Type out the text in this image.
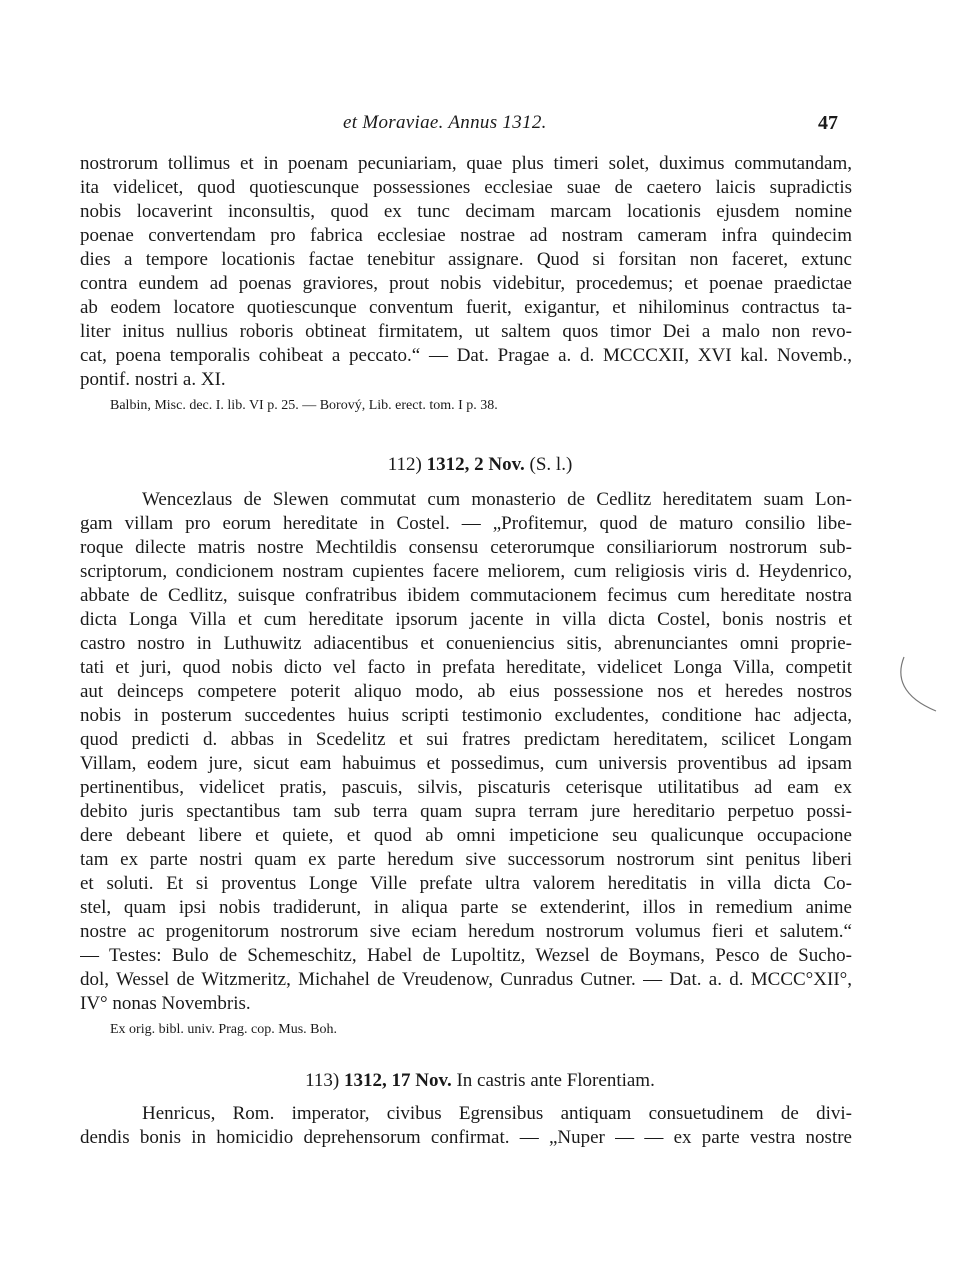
et Moraviae. Annus 1312.	47
nostrorum tollimus et in poenam pecuniariam, quae plus timeri solet, duximus commutandam,
ita videlicet, quod quotiescunque possessiones ecclesiae suae de caetero laicis supradictis
nobis locaverint inconsultis, quod ex tunc decimam marcam locationis ejusdem nomine
poenae convertendam pro fabrica ecclesiae nostrae ad nostram cameram infra quindecim
dies a tempore locationis factae tenebitur assignare. Quod si forsitan non faceret, extunc
contra eundem ad poenas graviores, prout nobis videbitur, procedemus; et poenae praedictae
ab eodem locatore quotiescunque conventum fuerit, exigantur, et nihilominus contractus ta-
liter initus nullius roboris obtineat firmitatem, ut saltem quos timor Dei a malo non revo-
cat, poena temporalis cohibeat a peccato.“ — Dat. Pragae a. d. MCCCXII, XVI kal. Novemb.,
pontif. nostri a. XI.
Balbin, Misc. dec. I. lib. VI p. 25. — Borový, Lib. erect. tom. I p. 38.
112) 1312, 2 Nov. (S. l.)
Wencezlaus de Slewen commutat cum monasterio de Cedlitz hereditatem suam Lon-
gam villam pro eorum hereditate in Costel. — „Profitemur, quod de maturo consilio libe-
roque dilecte matris nostre Mechtildis consensu ceterorumque consiliariorum nostrorum sub-
scriptorum, condicionem nostram cupientes facere meliorem, cum religiosis viris d. Heydenrico,
abbate de Cedlitz, suisque confratribus ibidem commutacionem fecimus cum hereditate nostra
dicta Longa Villa et cum hereditate ipsorum jacente in villa dicta Costel, bonis nostris et
castro nostro in Luthuwitz adiacentibus et conueniencius sitis, abrenunciantes omni proprie-
tati et juri, quod nobis dicto vel facto in prefata hereditate, videlicet Longa Villa, competit
aut deinceps competere poterit aliquo modo, ab eius possessione nos et heredes nostros
nobis in posterum succedentes huius scripti testimonio excludentes, conditione hac adjecta,
quod predicti d. abbas in Scedelitz et sui fratres predictam hereditatem, scilicet Longam
Villam, eodem jure, sicut eam habuimus et possedimus, cum universis proventibus ad ipsam
pertinentibus, videlicet pratis, pascuis, silvis, piscaturis ceterisque utilitatibus ad eam ex
debito juris spectantibus tam sub terra quam supra terram jure hereditario perpetuo possi-
dere debeant libere et quiete, et quod ab omni impeticione seu qualicunque occupacione
tam ex parte nostri quam ex parte heredum sive successorum nostrorum sint penitus liberi
et soluti. Et si proventus Longe Ville prefate ultra valorem hereditatis in villa dicta Co-
stel, quam ipsi nobis tradiderunt, in aliqua parte se extenderint, illos in remedium anime
nostre ac progenitorum nostrorum sive eciam heredum nostrorum volumus fieri et salutem.“
— Testes: Bulo de Schemeschitz, Habel de Lupoltitz, Wezsel de Boymans, Pesco de Sucho-
dol, Wessel de Witzmeritz, Michahel de Vreudenow, Cunradus Cutner. — Dat. a. d. MCCC°XII°,
IV° nonas Novembris.
Ex orig. bibl. univ. Prag. cop. Mus. Boh.
113) 1312, 17 Nov. In castris ante Florentiam.
Henricus, Rom. imperator, civibus Egrensibus antiquam consuetudinem de divi-
dendis bonis in homicidio deprehensorum confirmat. — „Nuper — — ex parte vestra nostre
